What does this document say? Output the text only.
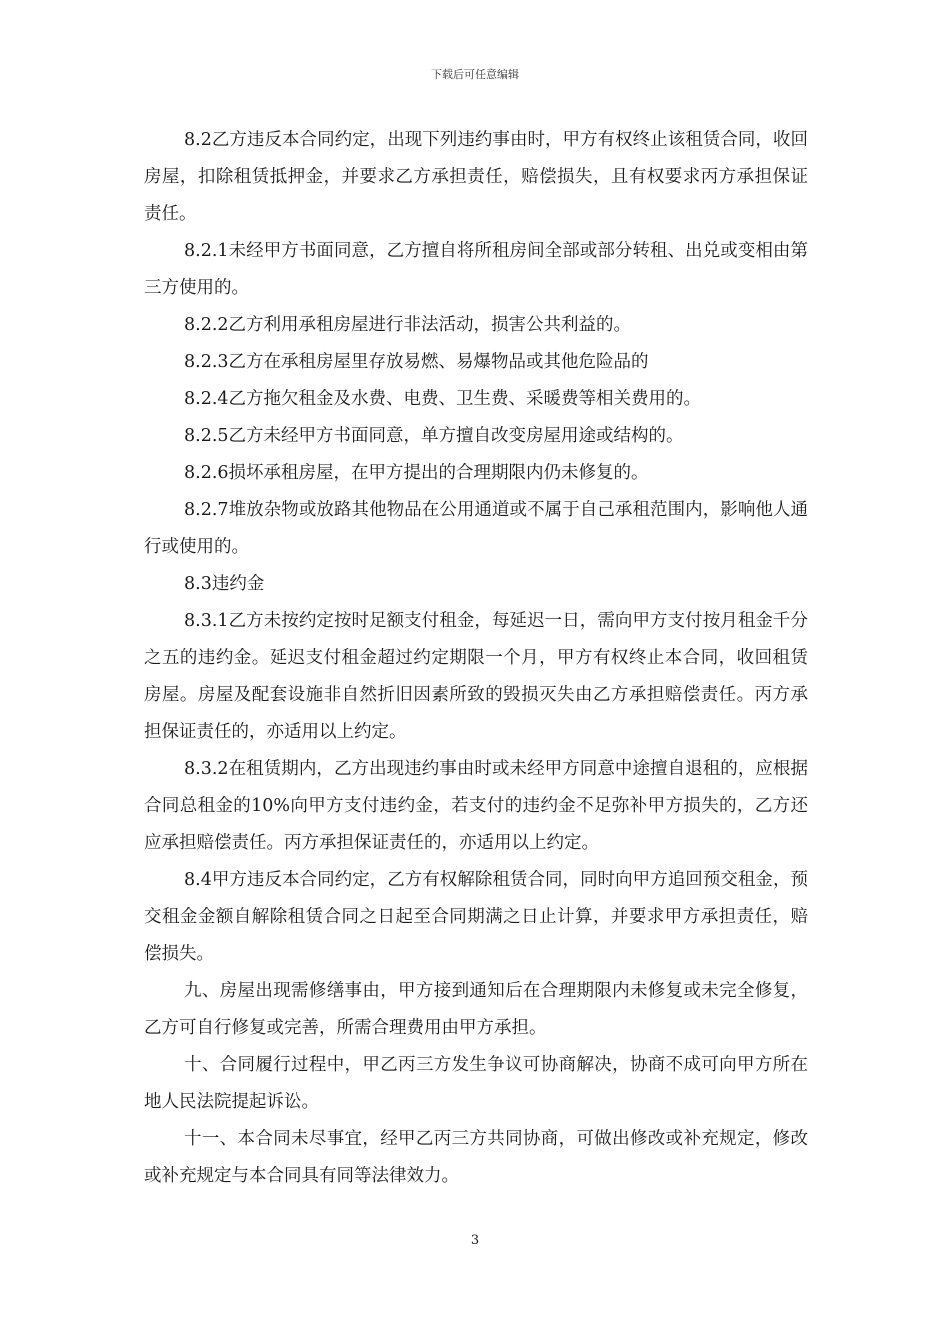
下载后可任意编辑

8.2乙方违反本合同约定，出现下列违约事由时，甲方有权终止该租赁合同，收回房屋，扣除租赁抵押金，并要求乙方承担责任，赔偿损失，且有权要求丙方承担保证责任。

8.2.1未经甲方书面同意，乙方擅自将所租房间全部或部分转租、出兑或变相由第三方使用的。

8.2.2乙方利用承租房屋进行非法活动，损害公共利益的。

8.2.3乙方在承租房屋里存放易燃、易爆物品或其他危险品的

8.2.4乙方拖欠租金及水费、电费、卫生费、采暖费等相关费用的。

8.2.5乙方未经甲方书面同意，单方擅自改变房屋用途或结构的。

8.2.6损坏承租房屋，在甲方提出的合理期限内仍未修复的。

8.2.7堆放杂物或放路其他物品在公用通道或不属于自己承租范围内，影响他人通行或使用的。

8.3违约金

8.3.1乙方未按约定按时足额支付租金，每延迟一日，需向甲方支付按月租金千分之五的违约金。延迟支付租金超过约定期限一个月，甲方有权终止本合同，收回租赁房屋。房屋及配套设施非自然折旧因素所致的毁损灭失由乙方承担赔偿责任。丙方承担保证责任的，亦适用以上约定。

8.3.2在租赁期内，乙方出现违约事由时或未经甲方同意中途擅自退租的，应根据合同总租金的10%向甲方支付违约金，若支付的违约金不足弥补甲方损失的，乙方还应承担赔偿责任。丙方承担保证责任的，亦适用以上约定。

8.4甲方违反本合同约定，乙方有权解除租赁合同，同时向甲方追回预交租金，预交租金金额自解除租赁合同之日起至合同期满之日止计算，并要求甲方承担责任，赔偿损失。

九、房屋出现需修缮事由，甲方接到通知后在合理期限内未修复或未完全修复，乙方可自行修复或完善，所需合理费用由甲方承担。

十、合同履行过程中，甲乙丙三方发生争议可协商解决，协商不成可向甲方所在地人民法院提起诉讼。

十一、本合同未尽事宜，经甲乙丙三方共同协商，可做出修改或补充规定，修改或补充规定与本合同具有同等法律效力。

3
